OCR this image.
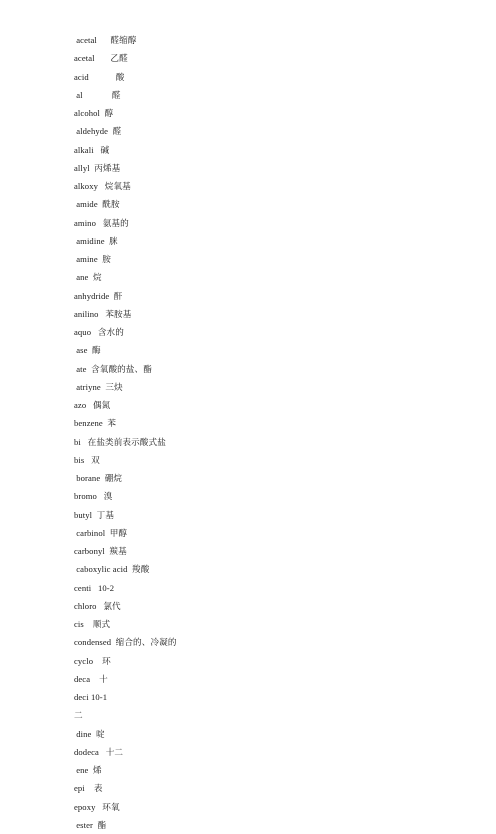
acetal 醛缩醇
acetal 乙醛
acid	酸
al	醛
alcohol 醇
aldehyde 醛
alkali 碱
allyl 丙烯基
alkoxy 烷氧基
amide 酰胺
amino 氨基的
amidine 脒
amine 胺
ane 烷
anhydride 酐
anilino 苯胺基
aquo 含水的
ase 酶
ate 含氧酸的盐、酯
atriyne 三炔
azo 偶氮
benzene 苯
bi 在盐类前表示酸式盐
bis 双
borane 硼烷
bromo 溴
butyl 丁基
carbinol 甲醇
carbonyl 羰基
caboxylic acid 羧酸
centi 10-2
chloro 氯代
cis 顺式
condensed 缩合的、冷凝的
cyclo 环
deca 十
deci 10-1
二
dine 啶
dodeca 十二
ene 烯
epi 表
epoxy 环氧
ester 酯
